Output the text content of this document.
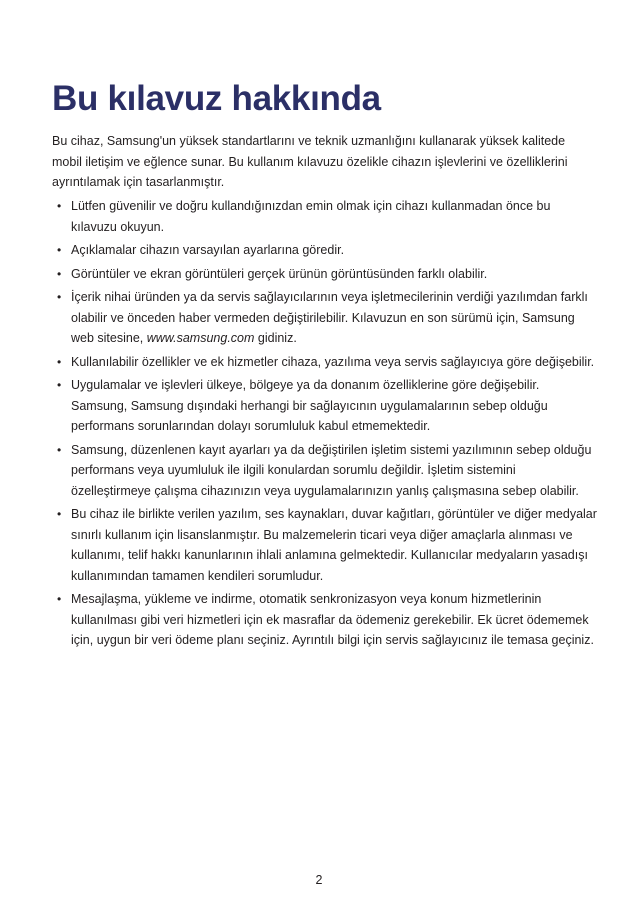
Bu kılavuz hakkında

Bu cihaz, Samsung'un yüksek standartlarını ve teknik uzmanlığını kullanarak yüksek kalitede mobil iletişim ve eğlence sunar. Bu kullanım kılavuzu özelikle cihazın işlevlerini ve özelliklerini ayrıntılamak için tasarlanmıştır.

• Lütfen güvenilir ve doğru kullandığınızdan emin olmak için cihazı kullanmadan önce bu kılavuzu okuyun.
• Açıklamalar cihazın varsayılan ayarlarına göredir.
• Görüntüler ve ekran görüntüleri gerçek ürünün görüntüsünden farklı olabilir.
• İçerik nihai üründen ya da servis sağlayıcılarının veya işletmecilerinin verdiği yazılımdan farklı olabilir ve önceden haber vermeden değiştirilebilir. Kılavuzun en son sürümü için, Samsung web sitesine, www.samsung.com gidiniz.
• Kullanılabilir özellikler ve ek hizmetler cihaza, yazılıma veya servis sağlayıcıya göre değişebilir.
• Uygulamalar ve işlevleri ülkeye, bölgeye ya da donanım özelliklerine göre değişebilir. Samsung, Samsung dışındaki herhangi bir sağlayıcının uygulamalarının sebep olduğu performans sorunlarından dolayı sorumluluk kabul etmemektedir.
• Samsung, düzenlenen kayıt ayarları ya da değiştirilen işletim sistemi yazılımının sebep olduğu performans veya uyumluluk ile ilgili konulardan sorumlu değildir. İşletim sistemini özelleştirmeye çalışma cihazınızın veya uygulamalarınızın yanlış çalışmasına sebep olabilir.
• Bu cihaz ile birlikte verilen yazılım, ses kaynakları, duvar kağıtları, görüntüler ve diğer medyalar sınırlı kullanım için lisanslanmıştır. Bu malzemelerin ticari veya diğer amaçlarla alınması ve kullanımı, telif hakkı kanunlarının ihlali anlamına gelmektedir. Kullanıcılar medyaların yasadışı kullanımından tamamen kendileri sorumludur.
• Mesajlaşma, yükleme ve indirme, otomatik senkronizasyon veya konum hizmetlerinin kullanılması gibi veri hizmetleri için ek masraflar da ödemeniz gerekebilir. Ek ücret ödememek için, uygun bir veri ödeme planı seçiniz. Ayrıntılı bilgi için servis sağlayıcınız ile temasa geçiniz.
2
